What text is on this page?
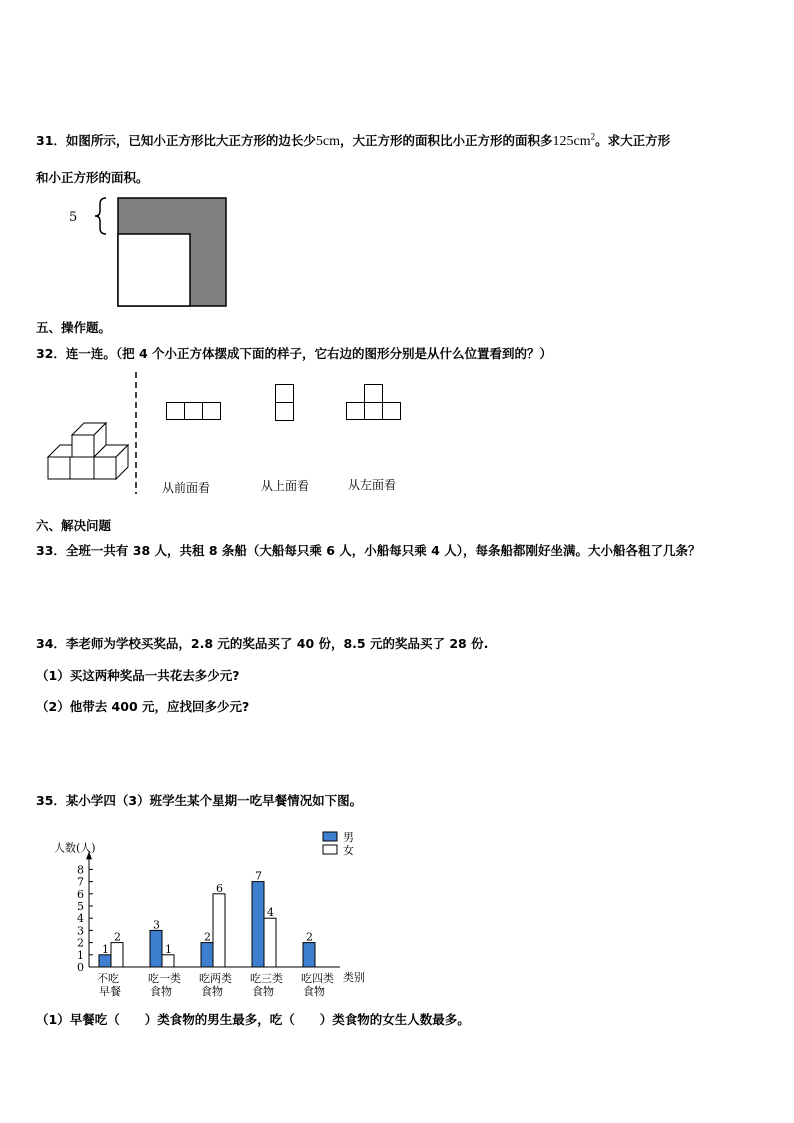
31．如图所示，已知小正方形比大正方形的边长少5cm，大正方形的面积比小正方形的面积多$125cm^2$。求大正方形
和小正方形的面积。
5
五、操作题。
32．连一连。（把 4 个小正方体摆成下面的样子，它右边的图形分别是从什么位置看到的？）
从前面看	从上面看	从左面看
六、解决问题
33．全班一共有 38 人，共租 8 条船（大船每只乘 6 人，小船每只乘 4 人），每条船都刚好坐满。大小船各租了几条？
34．李老师为学校买奖品，2.8 元的奖品买了 40 份，8.5 元的奖品买了 28 份.
（1）买这两种奖品一共花去多少元?
（2）他带去 400 元，应找回多少元?
35．某小学四（3）班学生某个星期一吃早餐情况如下图。
人数(人)
类别
0
1
2
3
4
5
6
7
8
1
2
不吃
早餐
3
1
吃一类
食物
2
6
吃两类
食物
7
4
吃三类
食物
2
吃四类
食物
男
女
（1）早餐吃（　　）类食物的男生最多，吃（　　）类食物的女生人数最多。
